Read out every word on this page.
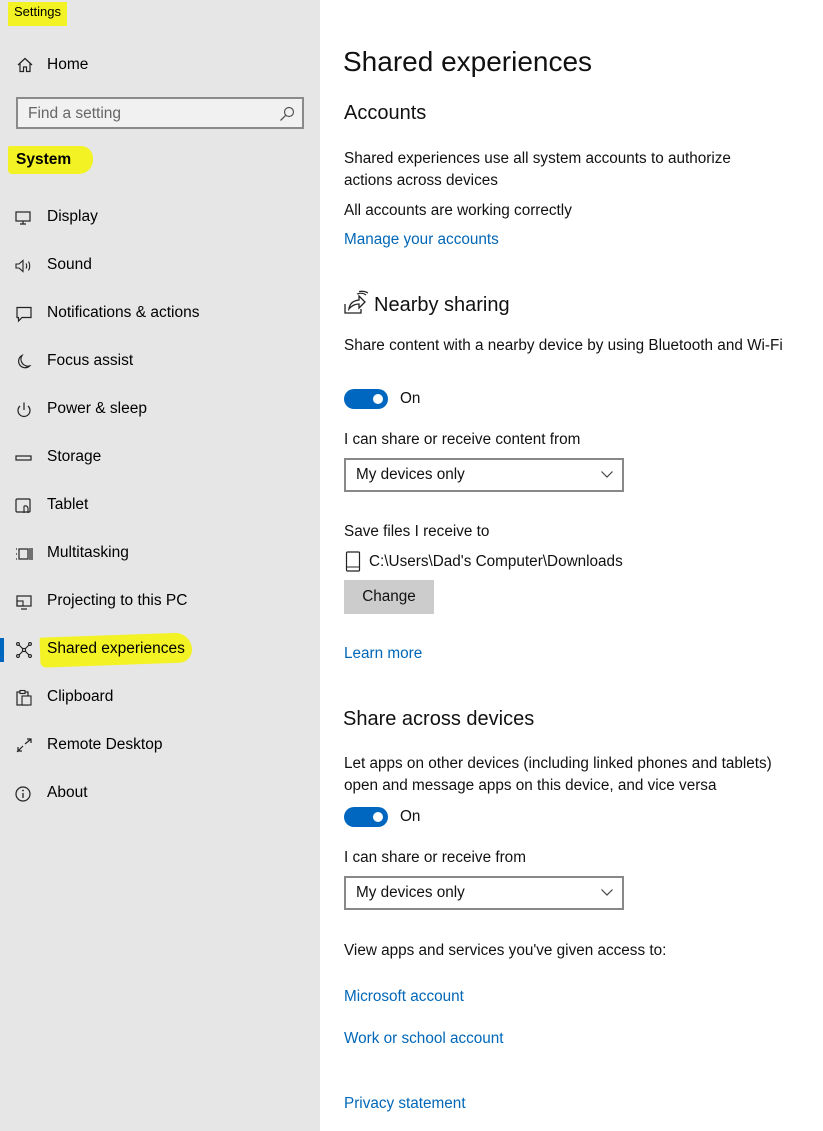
Settings
Home
Find a setting
System
Display
Sound
Notifications & actions
Focus assist
Power & sleep
Storage
Tablet
Multitasking
Projecting to this PC
Shared experiences
Clipboard
Remote Desktop
About
Shared experiences
Accounts
Shared experiences use all system accounts to authorize actions across devices
All accounts are working correctly
Manage your accounts
Nearby sharing
Share content with a nearby device by using Bluetooth and Wi-Fi
On
I can share or receive content from
My devices only
Save files I receive to
C:\Users\Dad's Computer\Downloads
Change
Learn more
Share across devices
Let apps on other devices (including linked phones and tablets) open and message apps on this device, and vice versa
On
I can share or receive from
My devices only
View apps and services you've given access to:
Microsoft account
Work or school account
Privacy statement
